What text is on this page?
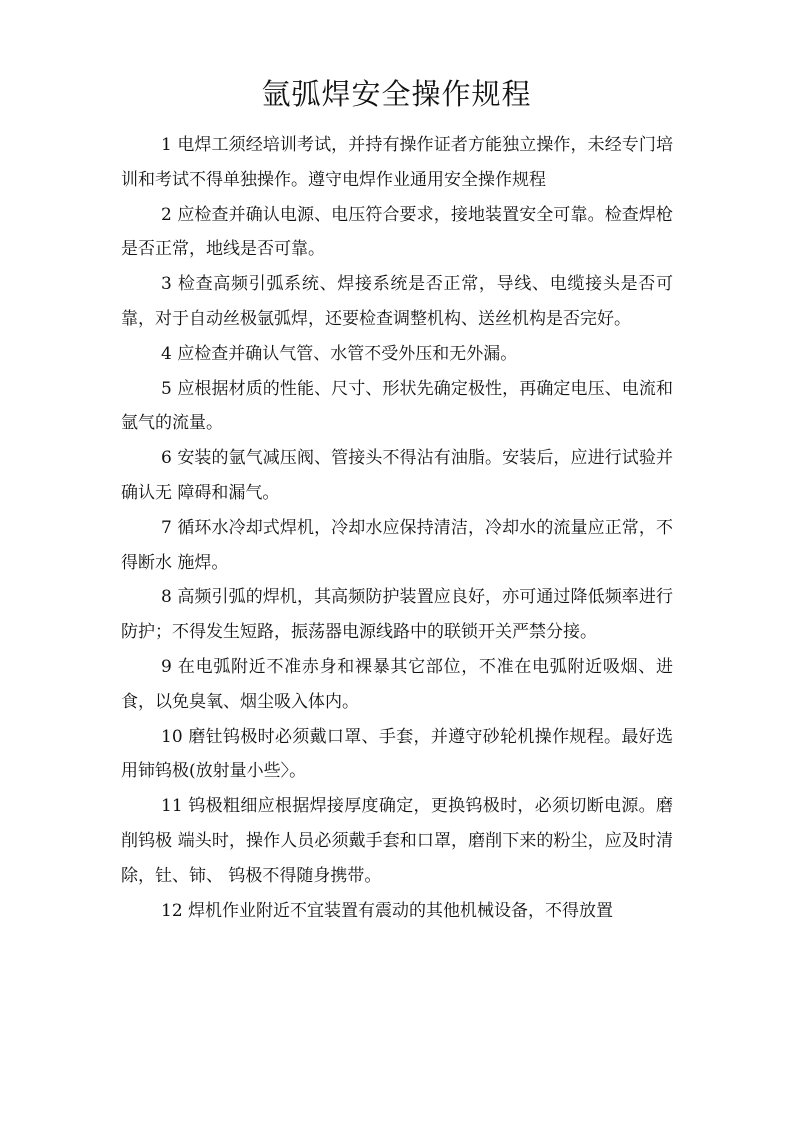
氩弧焊安全操作规程

1 电焊工须经培训考试，并持有操作证者方能独立操作，未经专门培训和考试不得单独操作。遵守电焊作业通用安全操作规程

2 应检查并确认电源、电压符合要求，接地装置安全可靠。检查焊枪是否正常，地线是否可靠。

3 检查高频引弧系统、焊接系统是否正常，导线、电缆接头是否可靠，对于自动丝极氩弧焊，还要检查调整机构、送丝机构是否完好。

4 应检查并确认气管、水管不受外压和无外漏。

5 应根据材质的性能、尺寸、形状先确定极性，再确定电压、电流和氩气的流量。

6 安装的氩气减压阀、管接头不得沾有油脂。安装后，应进行试验并确认无 障碍和漏气。

7 循环水冷却式焊机，冷却水应保持清洁，冷却水的流量应正常，不得断水 施焊。

8 高频引弧的焊机，其高频防护装置应良好，亦可通过降低频率进行防护；不得发生短路，振荡器电源线路中的联锁开关严禁分接。

9 在电弧附近不准赤身和裸暴其它部位，不准在电弧附近吸烟、进食，以免臭氧、烟尘吸入体内。

10 磨钍钨极时必须戴口罩、手套，并遵守砂轮机操作规程。最好选用铈钨极(放射量小些〉。

11 钨极粗细应根据焊接厚度确定，更换钨极时，必须切断电源。磨削钨极 端头时，操作人员必须戴手套和口罩，磨削下来的粉尘，应及时清除，钍、铈、 钨极不得随身携带。

12 焊机作业附近不宜装置有震动的其他机械设备，不得放置
